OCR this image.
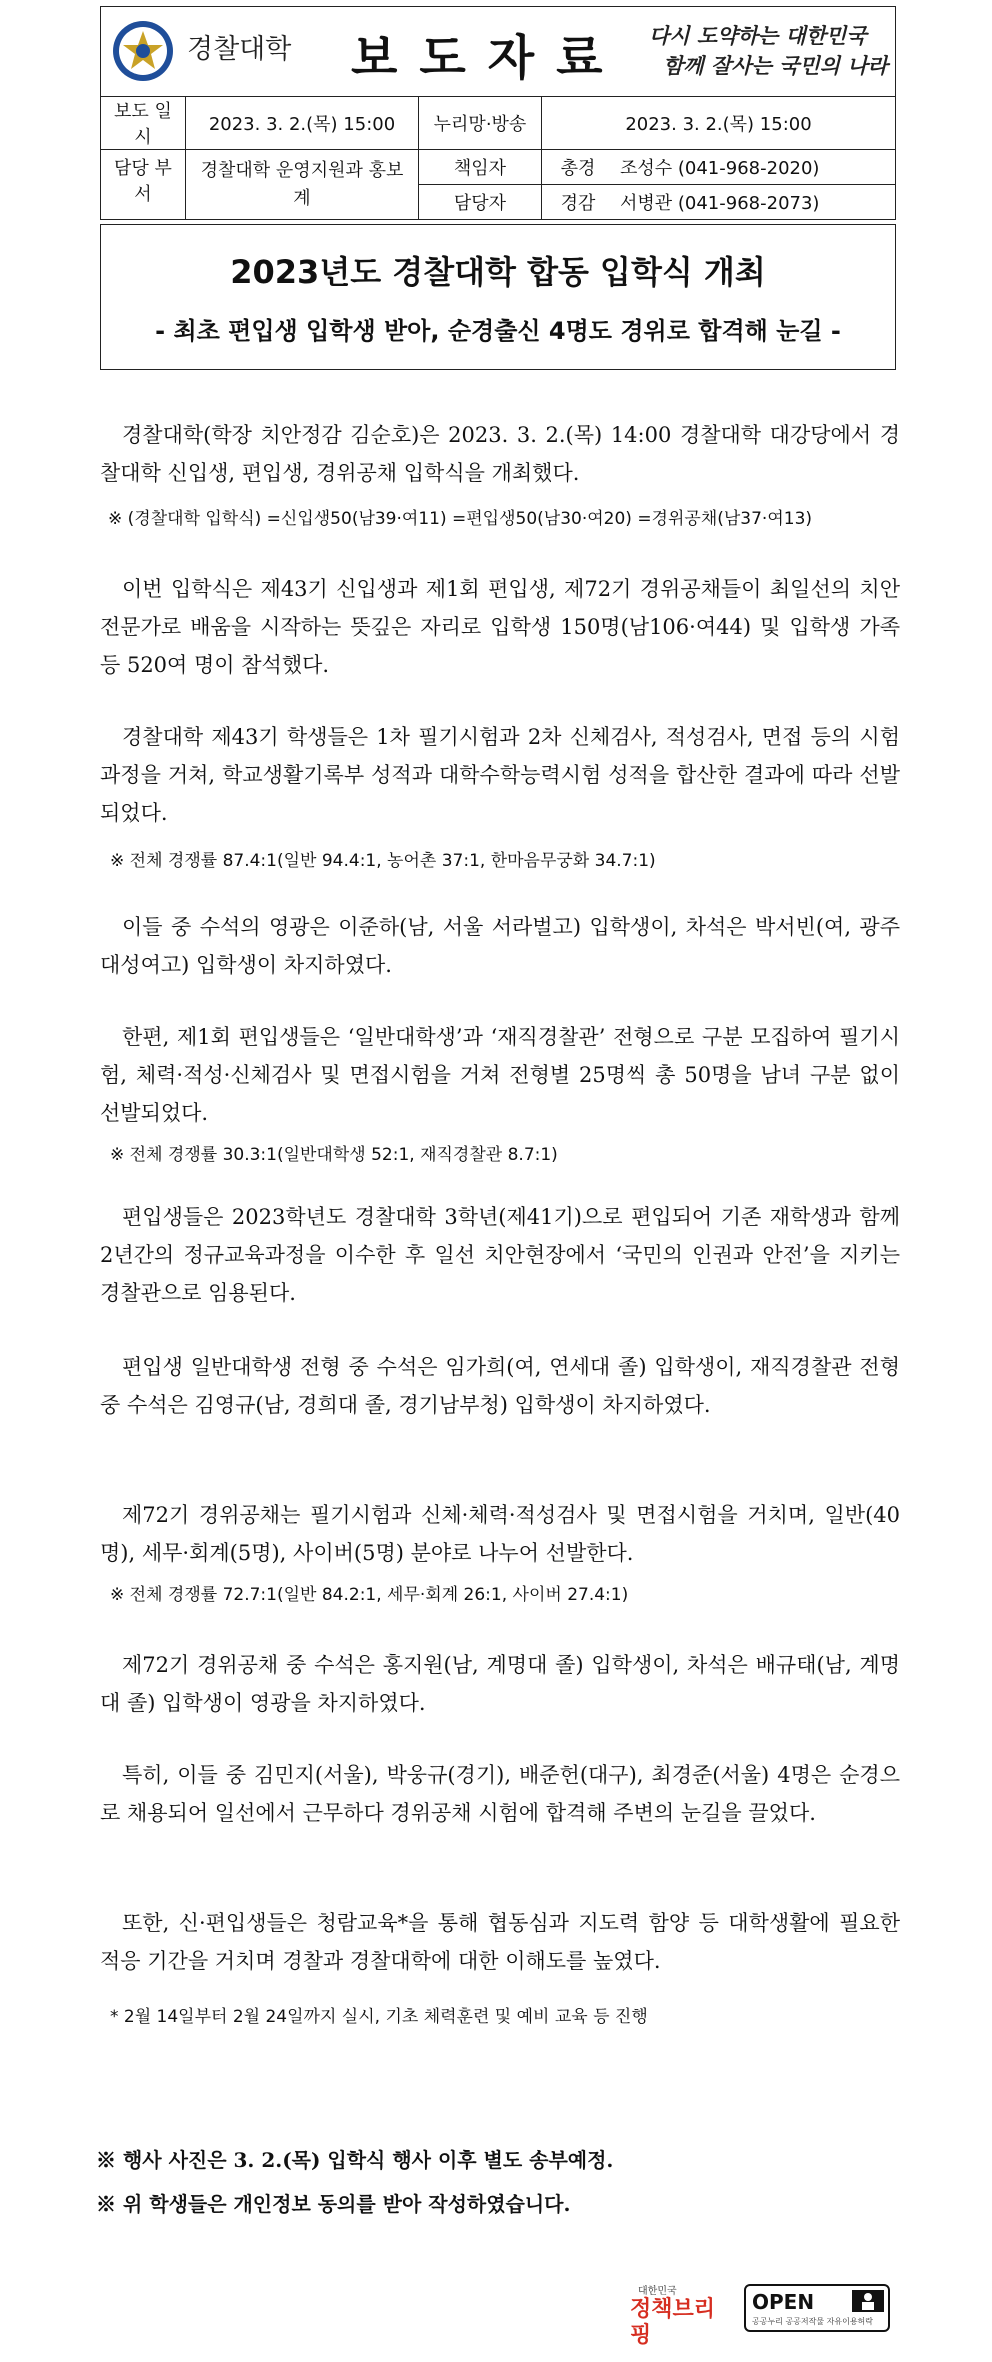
경찰대학 보도자료 다시 도약하는 대한민국
함께 잘사는 국민의 나라
보도 일시	2023. 3. 2.(목) 15:00	누리망·방송	2023. 3. 2.(목) 15:00	
담당 부서	경찰대학 운영지원과 홍보계	책임자	총경	조성수 (041-968-2020)
		담당자	경감	서병관 (041-968-2073)
2023년도 경찰대학 합동 입학식 개최
- 최초 편입생 입학생 받아, 순경출신 4명도 경위로 합격해 눈길 -
경찰대학(학장 치안정감 김순호)은 2023. 3. 2.(목) 14:00 경찰대학 대강당에서 경찰대학 신입생, 편입생, 경위공채 입학식을 개최했다.
※ (경찰대학 입학식) =신입생50(남39·여11) =편입생50(남30·여20) =경위공채(남37·여13)
이번 입학식은 제43기 신입생과 제1회 편입생, 제72기 경위공채들이 최일선의 치안 전문가로 배움을 시작하는 뜻깊은 자리로 입학생 150명(남106·여44) 및 입학생 가족 등 520여 명이 참석했다.
경찰대학 제43기 학생들은 1차 필기시험과 2차 신체검사, 적성검사, 면접 등의 시험 과정을 거쳐, 학교생활기록부 성적과 대학수학능력시험 성적을 합산한 결과에 따라 선발되었다.
※ 전체 경쟁률 87.4:1(일반 94.4:1, 농어촌 37:1, 한마음무궁화 34.7:1)
이들 중 수석의 영광은 이준하(남, 서울 서라벌고) 입학생이, 차석은 박서빈(여, 광주 대성여고) 입학생이 차지하였다.
한편, 제1회 편입생들은 ‘일반대학생’과 ‘재직경찰관’ 전형으로 구분 모집하여 필기시험, 체력·적성·신체검사 및 면접시험을 거쳐 전형별 25명씩 총 50명을 남녀 구분 없이 선발되었다.
※ 전체 경쟁률 30.3:1(일반대학생 52:1, 재직경찰관 8.7:1)
편입생들은 2023학년도 경찰대학 3학년(제41기)으로 편입되어 기존 재학생과 함께 2년간의 정규교육과정을 이수한 후 일선 치안현장에서 ‘국민의 인권과 안전’을 지키는 경찰관으로 임용된다.
편입생 일반대학생 전형 중 수석은 임가희(여, 연세대 졸) 입학생이, 재직경찰관 전형 중 수석은 김영규(남, 경희대 졸, 경기남부청) 입학생이 차지하였다.
제72기 경위공채는 필기시험과 신체·체력·적성검사 및 면접시험을 거치며, 일반(40명), 세무·회계(5명), 사이버(5명) 분야로 나누어 선발한다.
※ 전체 경쟁률 72.7:1(일반 84.2:1, 세무·회계 26:1, 사이버 27.4:1)
제72기 경위공채 중 수석은 홍지원(남, 계명대 졸) 입학생이, 차석은 배규태(남, 계명대 졸) 입학생이 영광을 차지하였다.
특히, 이들 중 김민지(서울), 박웅규(경기), 배준헌(대구), 최경준(서울) 4명은 순경으로 채용되어 일선에서 근무하다 경위공채 시험에 합격해 주변의 눈길을 끌었다.
또한, 신·편입생들은 청람교육*을 통해 협동심과 지도력 함양 등 대학생활에 필요한 적응 기간을 거치며 경찰과 경찰대학에 대한 이해도를 높였다.
* 2월 14일부터 2월 24일까지 실시, 기초 체력훈련 및 예비 교육 등 진행
※ 행사 사진은 3. 2.(목) 입학식 행사 이후 별도 송부예정.
※ 위 학생들은 개인정보 동의를 받아 작성하였습니다.
대한민국
정책브리핑
OPEN
공공누리 공공저작물 자유이용허락
